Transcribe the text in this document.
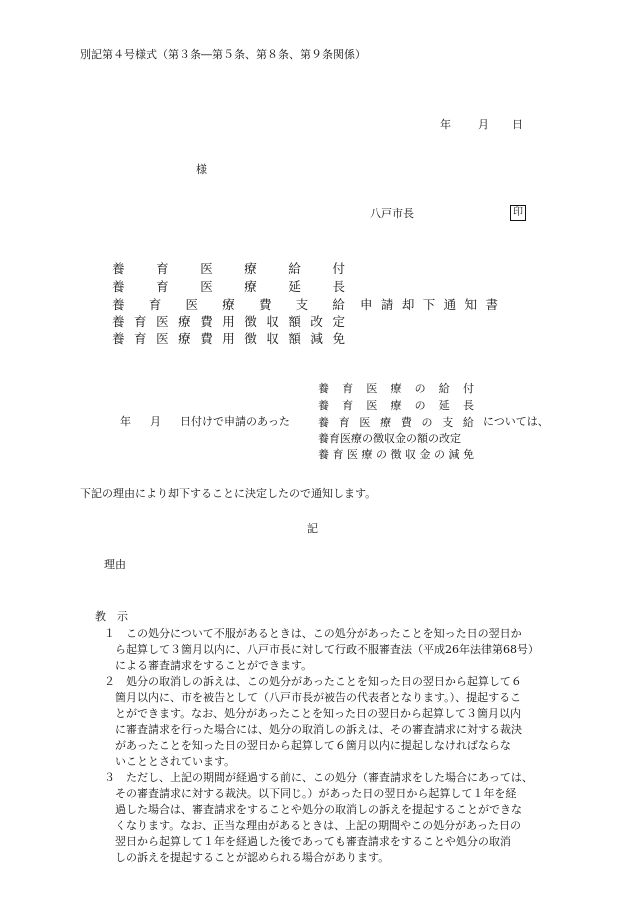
別記第４号様式（第３条―第５条、第８条、第９条関係）
年 月 日
様
八戸市長	印
養	育	医	療	給	付
養	育	医	療	延	長
養 育 医 療 費 支 給
養 育 医 療 費 用 徴 収 額 改 定
養 育 医 療 費 用 徴 収 額 減 免
申 請 却 下 通 知 書
年 月 日付けで申請のあった
養 育 医 療 の 給 付
養 育 医 療 の 延 長
養 育 医 療 費 の 支 給
養育医療の徴収金の額の改定
養 育 医 療 の 徴 収 金 の 減 免
については、
下記の理由により却下することに決定したので通知します。
記
理由
教　示
１ この処分について不服があるときは、この処分があったことを知った日の翌日か
ら起算して３箇月以内に、八戸市長に対して行政不服審査法（平成26年法律第68号）
による審査請求をすることができます。
２ 処分の取消しの訴えは、この処分があったことを知った日の翌日から起算して６
箇月以内に、市を被告として（八戸市長が被告の代表者となります。）、提起するこ
とができます。なお、処分があったことを知った日の翌日から起算して３箇月以内
に審査請求を行った場合には、処分の取消しの訴えは、その審査請求に対する裁決
があったことを知った日の翌日から起算して６箇月以内に提起しなければならな
いこととされています。
３ ただし、上記の期間が経過する前に、この処分（審査請求をした場合にあっては、
その審査請求に対する裁決。以下同じ。）があった日の翌日から起算して１年を経
過した場合は、審査請求をすることや処分の取消しの訴えを提起することができな
くなります。なお、正当な理由があるときは、上記の期間やこの処分があった日の
翌日から起算して１年を経過した後であっても審査請求をすることや処分の取消
しの訴えを提起することが認められる場合があります。
